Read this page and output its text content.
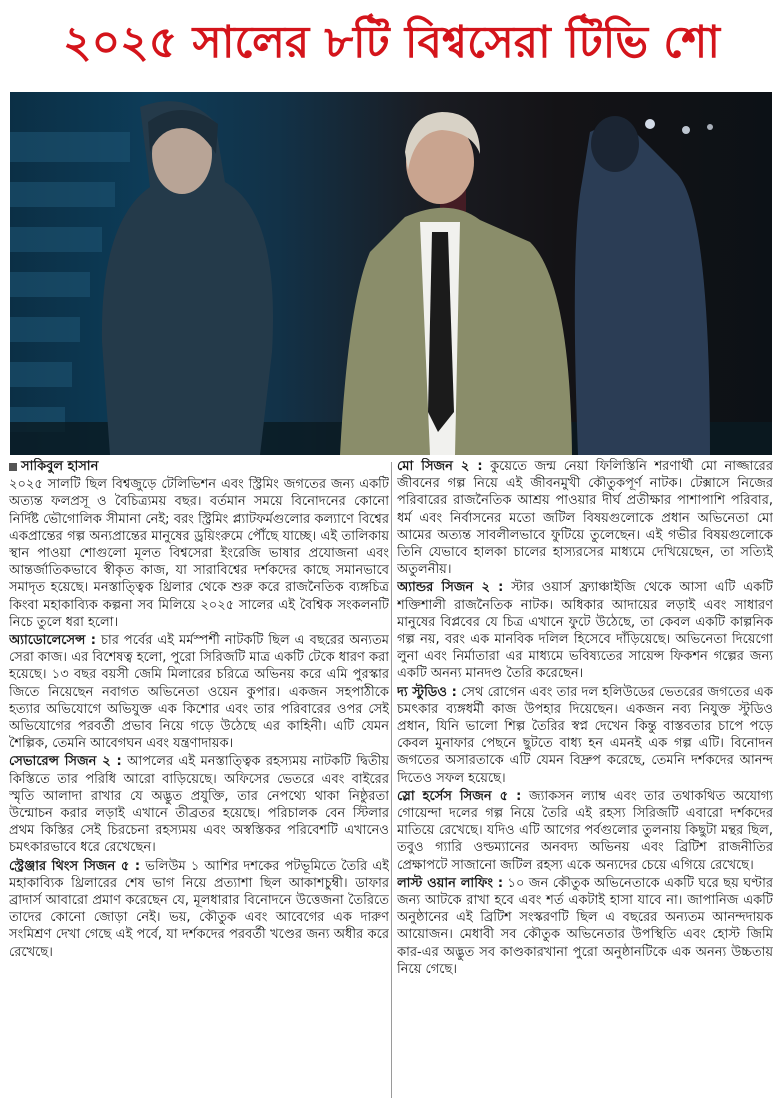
২০২৫ সালের ৮টি বিশ্বসেরা টিভি শো
সাকিবুল হাসান

২০২৫ সালটি ছিল বিশ্বজুড়ে টেলিভিশন এবং স্ট্রিমিং জগতের জন্য একটি অত্যন্ত ফলপ্রসূ ও বৈচিত্র্যময় বছর। বর্তমান সময়ে বিনোদনের কোনো নির্দিষ্ট ভৌগোলিক সীমানা নেই; বরং স্ট্রিমিং প্ল্যাটফর্মগুলোর কল্যাণে বিশ্বের একপ্রান্তের গল্প অন্যপ্রান্তের মানুষের ড্রয়িংরুমে পৌঁছে যাচ্ছে। এই তালিকায় স্থান পাওয়া শোগুলো মূলত বিশ্বসেরা ইংরেজি ভাষার প্রযোজনা এবং আন্তর্জাতিকভাবে স্বীকৃত কাজ, যা সারাবিশ্বের দর্শকদের কাছে সমানভাবে সমাদৃত হয়েছে। মনস্তাত্ত্বিক থ্রিলার থেকে শুরু করে রাজনৈতিক ব্যঙ্গচিত্র কিংবা মহাকাব্যিক কল্পনা সব মিলিয়ে ২০২৫ সালের এই বৈশ্বিক সংকলনটি নিচে তুলে ধরা হলো।

অ্যাডোলেসেন্স : চার পর্বের এই মর্মস্পর্শী নাটকটি ছিল এ বছরের অন্যতম সেরা কাজ। এর বিশেষত্ব হলো, পুরো সিরিজটি মাত্র একটি টেকে ধারণ করা হয়েছে। ১৩ বছর বয়সী জেমি মিলারের চরিত্রে অভিনয় করে এমি পুরস্কার জিতে নিয়েছেন নবাগত অভিনেতা ওয়েন কুপার। একজন সহপাঠীকে হত্যার অভিযোগে অভিযুক্ত এক কিশোর এবং তার পরিবারের ওপর সেই অভিযোগের পরবর্তী প্রভাব নিয়ে গড়ে উঠেছে এর কাহিনী। এটি যেমন শৈল্পিক, তেমনি আবেগঘন এবং যন্ত্রণাদায়ক।

সেভারেন্স সিজন ২ : আপলের এই মনস্তাত্ত্বিক রহস্যময় নাটকটি দ্বিতীয় কিস্তিতে তার পরিধি আরো বাড়িয়েছে। অফিসের ভেতরে এবং বাইরের স্মৃতি আলাদা রাখার যে অদ্ভুত প্রযুক্তি, তার নেপথ্যে থাকা নিষ্ঠুরতা উন্মোচন করার লড়াই এখানে তীব্রতর হয়েছে। পরিচালক বেন স্টিলার প্রথম কিস্তির সেই চিরচেনা রহস্যময় এবং অস্বস্তিকর পরিবেশটি এখানেও চমৎকারভাবে ধরে রেখেছেন।

স্ট্রেঞ্জার থিংস সিজন ৫ : ভলিউম ১ আশির দশকের পটভূমিতে তৈরি এই মহাকাব্যিক থ্রিলারের শেষ ভাগ নিয়ে প্রত্যাশা ছিল আকাশচুম্বী। ডাফার ব্রাদার্স আবারো প্রমাণ করেছেন যে, মূলধারার বিনোদনে উত্তেজনা তৈরিতে তাদের কোনো জোড়া নেই। ভয়, কৌতুক এবং আবেগের এক দারুণ সংমিশ্রণ দেখা গেছে এই পর্বে, যা দর্শকদের পরবর্তী খণ্ডের জন্য অধীর করে রেখেছে।

মো সিজন ২ : কুয়েতে জন্ম নেয়া ফিলিস্তিনি শরণার্থী মো নাজ্জারের জীবনের গল্প নিয়ে এই জীবনমুখী কৌতুকপূর্ণ নাটক। টেক্সাসে নিজের পরিবারের রাজনৈতিক আশ্রয় পাওয়ার দীর্ঘ প্রতীক্ষার পাশাপাশি পরিবার, ধর্ম এবং নির্বাসনের মতো জটিল বিষয়গুলোকে প্রধান অভিনেতা মো আমের অত্যন্ত সাবলীলভাবে ফুটিয়ে তুলেছেন। এই গভীর বিষয়গুলোকে তিনি যেভাবে হালকা চালের হাস্যরসের মাধ্যমে দেখিয়েছেন, তা সত্যিই অতুলনীয়।

অ্যান্ডর সিজন ২ : স্টার ওয়ার্স ফ্র্যাঞ্চাইজি থেকে আসা এটি একটি শক্তিশালী রাজনৈতিক নাটক। অধিকার আদায়ের লড়াই এবং সাধারণ মানুষের বিপ্লবের যে চিত্র এখানে ফুটে উঠেছে, তা কেবল একটি কাল্পনিক গল্প নয়, বরং এক মানবিক দলিল হিসেবে দাঁড়িয়েছে। অভিনেতা দিয়েগো লুনা এবং নির্মাতারা এর মাধ্যমে ভবিষ্যতের সায়েন্স ফিকশন গল্পের জন্য একটি অনন্য মানদণ্ড তৈরি করেছেন।

দ্য স্টুডিও : সেথ রোগেন এবং তার দল হলিউডের ভেতরের জগতের এক চমৎকার ব্যঙ্গধর্মী কাজ উপহার দিয়েছেন। একজন নব্য নিযুক্ত স্টুডিও প্রধান, যিনি ভালো শিল্প তৈরির স্বপ্ন দেখেন কিন্তু বাস্তবতার চাপে পড়ে কেবল মুনাফার পেছনে ছুটতে বাধ্য হন এমনই এক গল্প এটি। বিনোদন জগতের অসারতাকে এটি যেমন বিদ্রুপ করেছে, তেমনি দর্শকদের আনন্দ দিতেও সফল হয়েছে।

স্লো হর্সেস সিজন ৫ : জ্যাকসন ল্যাম্ব এবং তার তথাকথিত অযোগ্য গোয়েন্দা দলের গল্প নিয়ে তৈরি এই রহস্য সিরিজটি এবারো দর্শকদের মাতিয়ে রেখেছে। যদিও এটি আগের পর্বগুলোর তুলনায় কিছুটা মন্থর ছিল, তবুও গ্যারি ওল্ডম্যানের অনবদ্য অভিনয় এবং ব্রিটিশ রাজনীতির প্রেক্ষাপটে সাজানো জটিল রহস্য একে অন্যদের চেয়ে এগিয়ে রেখেছে।

লাস্ট ওয়ান লাফিং : ১০ জন কৌতুক অভিনেতাকে একটি ঘরে ছয় ঘণ্টার জন্য আটকে রাখা হবে এবং শর্ত একটাই হাসা যাবে না। জাপানিজ একটি অনুষ্ঠানের এই ব্রিটিশ সংস্করণটি ছিল এ বছরের অন্যতম আনন্দদায়ক আয়োজন। মেধাবী সব কৌতুক অভিনেতার উপস্থিতি এবং হোস্ট জিমি কার-এর অদ্ভুত সব কাণ্ডকারখানা পুরো অনুষ্ঠানটিকে এক অনন্য উচ্চতায় নিয়ে গেছে।
